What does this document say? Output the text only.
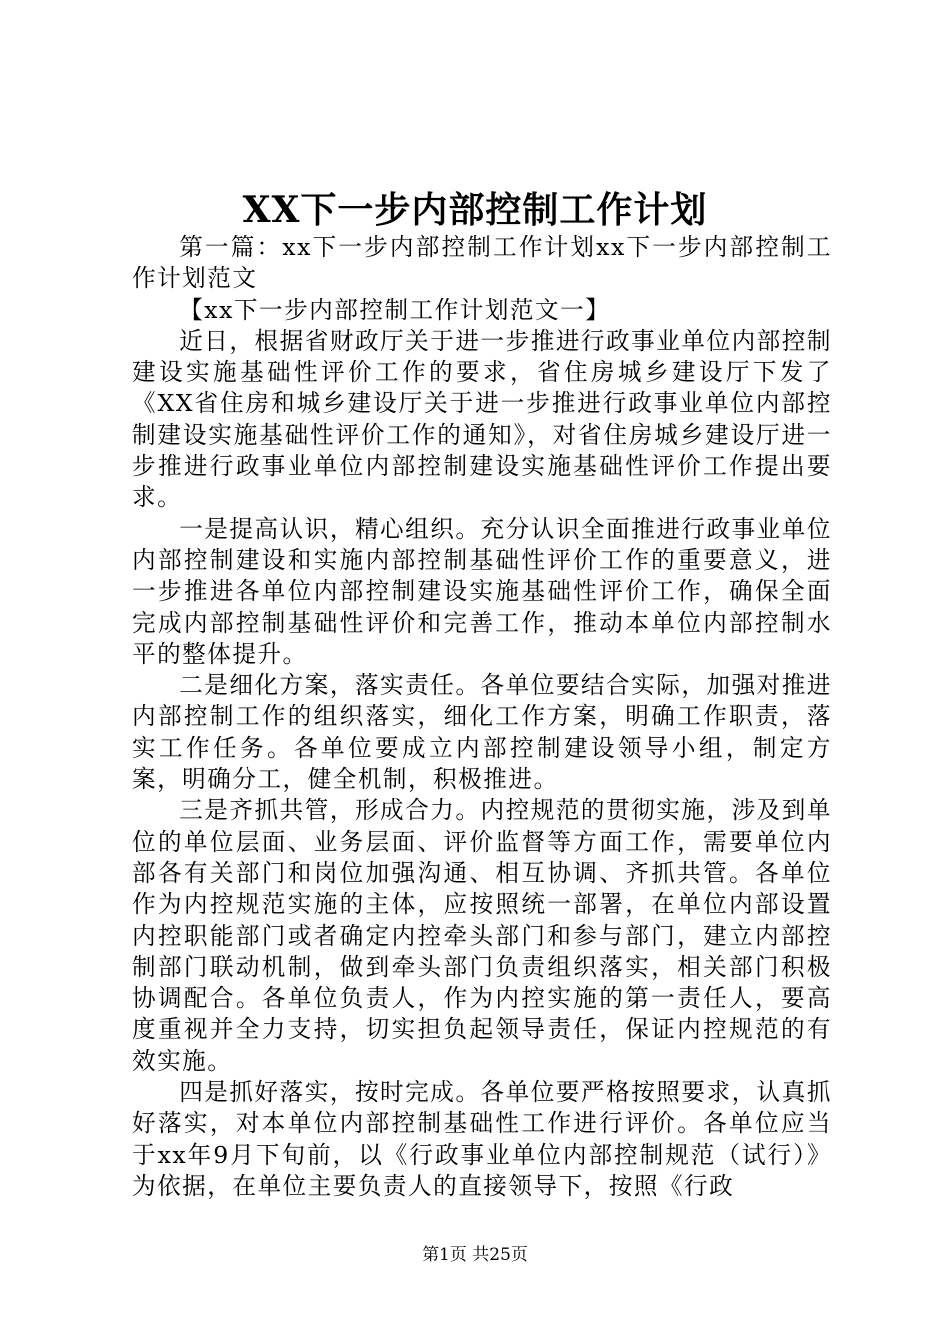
XX下一步内部控制工作计划

第一篇：xx下一步内部控制工作计划xx下一步内部控制工作计划范文

【xx下一步内部控制工作计划范文一】

近日，根据省财政厅关于进一步推进行政事业单位内部控制建设实施基础性评价工作的要求，省住房城乡建设厅下发了《XX省住房和城乡建设厅关于进一步推进行政事业单位内部控制建设实施基础性评价工作的通知》，对省住房城乡建设厅进一步推进行政事业单位内部控制建设实施基础性评价工作提出要求。

一是提高认识，精心组织。充分认识全面推进行政事业单位内部控制建设和实施内部控制基础性评价工作的重要意义，进一步推进各单位内部控制建设实施基础性评价工作，确保全面完成内部控制基础性评价和完善工作，推动本单位内部控制水平的整体提升。

二是细化方案，落实责任。各单位要结合实际，加强对推进内部控制工作的组织落实，细化工作方案，明确工作职责，落实工作任务。各单位要成立内部控制建设领导小组，制定方案，明确分工，健全机制，积极推进。

三是齐抓共管，形成合力。内控规范的贯彻实施，涉及到单位的单位层面、业务层面、评价监督等方面工作，需要单位内部各有关部门和岗位加强沟通、相互协调、齐抓共管。各单位作为内控规范实施的主体，应按照统一部署，在单位内部设置内控职能部门或者确定内控牵头部门和参与部门，建立内部控制部门联动机制，做到牵头部门负责组织落实，相关部门积极协调配合。各单位负责人，作为内控实施的第一责任人，要高度重视并全力支持，切实担负起领导责任，保证内控规范的有效实施。

四是抓好落实，按时完成。各单位要严格按照要求，认真抓好落实，对本单位内部控制基础性工作进行评价。各单位应当于xx年9月下旬前，以《行政事业单位内部控制规范（试行）》为依据，在单位主要负责人的直接领导下，按照《行政

第1页 共25页
